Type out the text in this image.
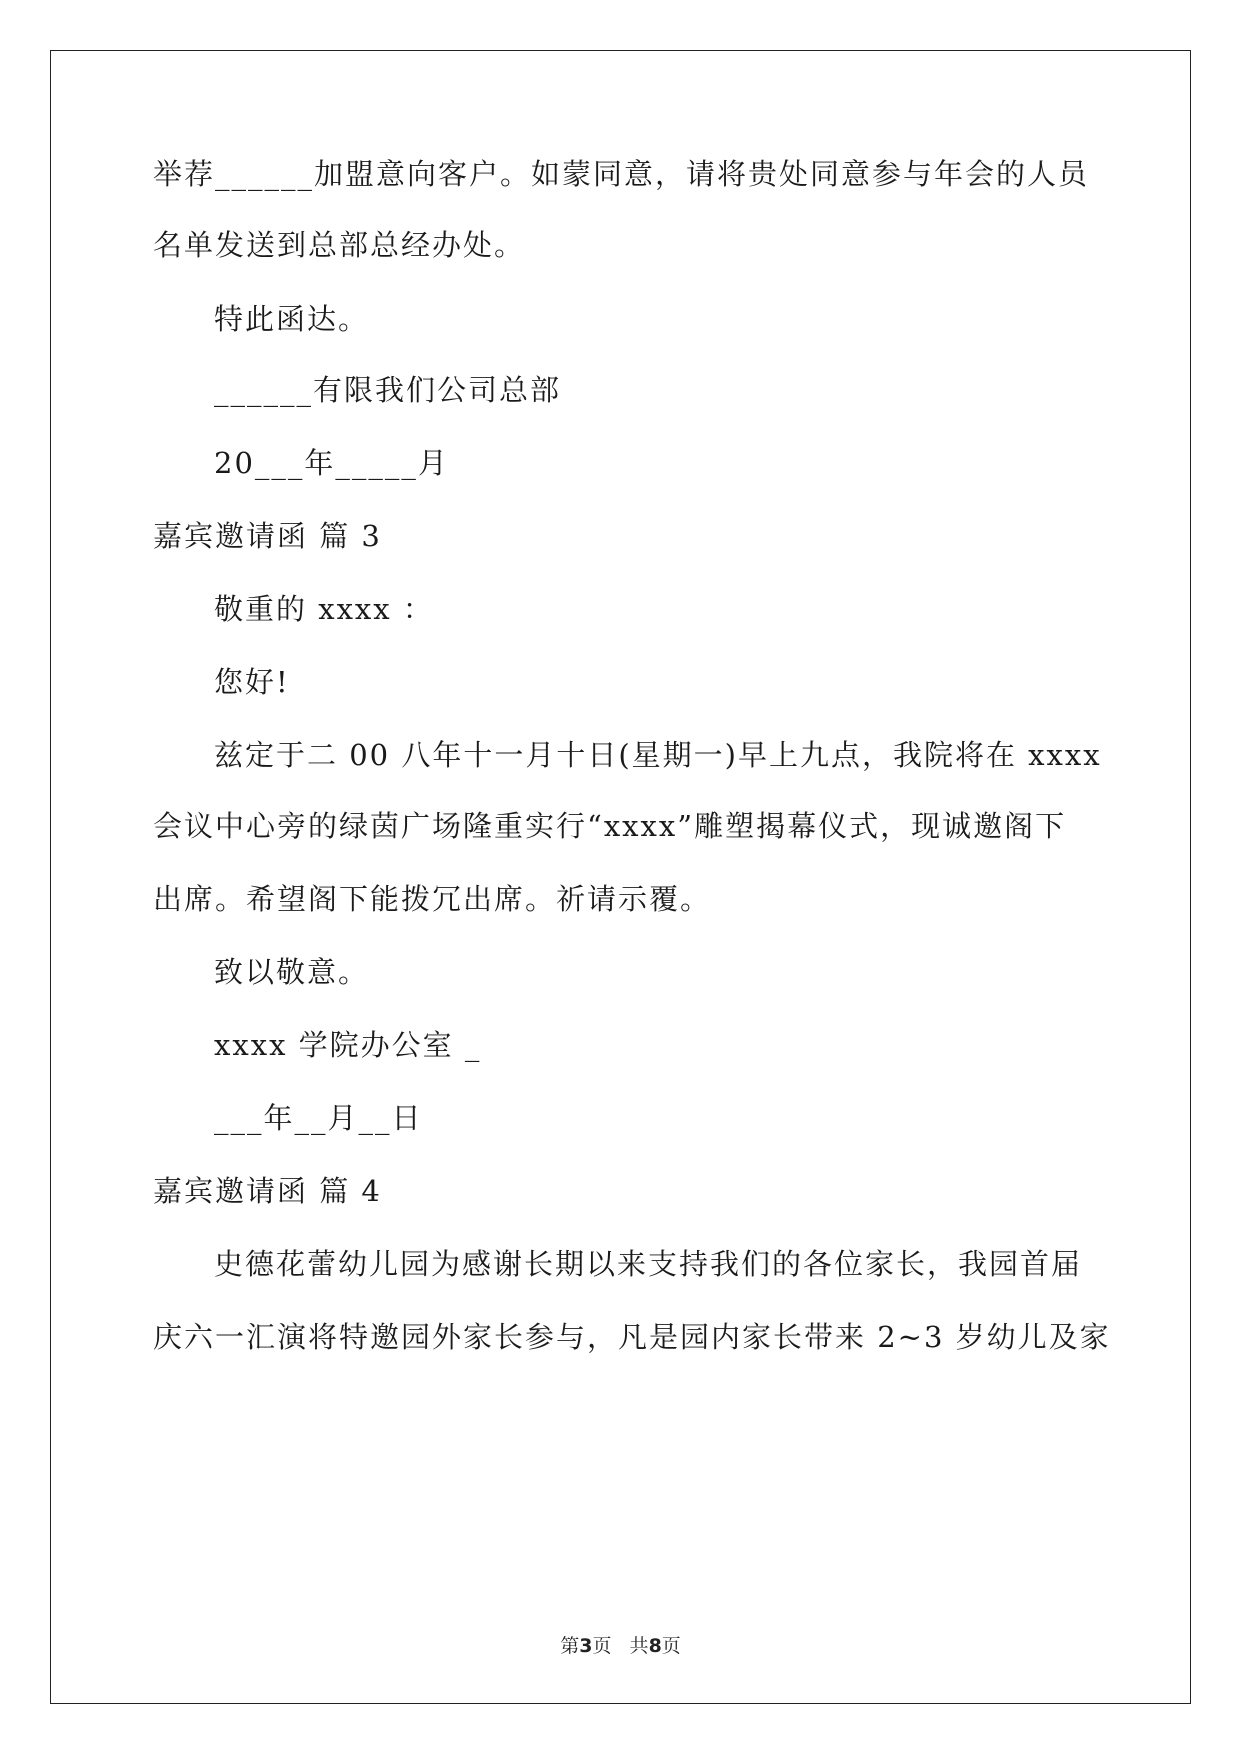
举荐______加盟意向客户。如蒙同意，请将贵处同意参与年会的人员
名单发送到总部总经办处。
特此函达。
______有限我们公司总部
20___年_____月
嘉宾邀请函 篇 3
敬重的 xxxx ：
您好!
兹定于二 00 八年十一月十日(星期一)早上九点，我院将在 xxxx
会议中心旁的绿茵广场隆重实行“xxxx”雕塑揭幕仪式，现诚邀阁下
出席。希望阁下能拨冗出席。祈请示覆。
致以敬意。
xxxx 学院办公室 _
___年__月__日
嘉宾邀请函 篇 4
史德花蕾幼儿园为感谢长期以来支持我们的各位家长，我园首届
庆六一汇演将特邀园外家长参与，凡是园内家长带来 2~3 岁幼儿及家
第3页   共8页
